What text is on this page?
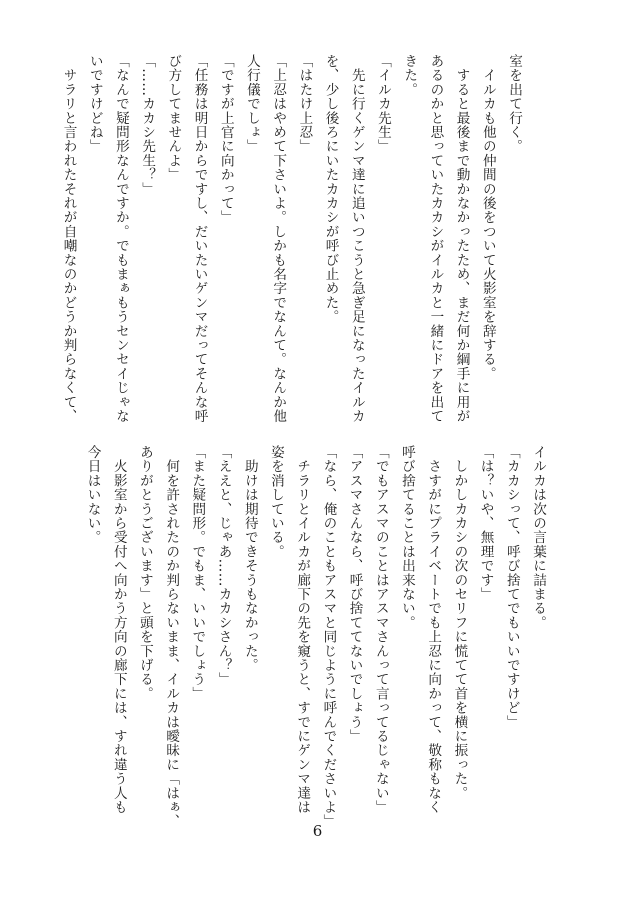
室を出て行く。

　イルカも他の仲間の後をついて火影室を辞する。

　すると最後まで動かなかったため、まだ何か綱手に用が

あるのかと思っていたカカシがイルカと一緒にドアを出て

きた。

「イルカ先生」

　先に行くゲンマ達に追いつこうと急ぎ足になったイルカ

を、少し後ろにいたカカシが呼び止めた。

「はたけ上忍」

「上忍はやめて下さいよ。しかも名字でなんて。なんか他

人行儀でしょ」

「ですが上官に向かって」

「任務は明日からですし、だいたいゲンマだってそんな呼

び方してませんよ」

「……カカシ先生？」

「なんで疑問形なんですか。でもまぁもうセンセイじゃな

いですけどね」

　サラリと言われたそれが自嘲なのかどうか判らなくて、

イルカは次の言葉に詰まる。

「カカシって、呼び捨てでもいいですけど」

「は？いや、無理です」

　しかしカカシの次のセリフに慌てて首を横に振った。

　さすがにプライベートでも上忍に向かって、敬称もなく

呼び捨てることは出来ない。

「でもアスマのことはアスマさんって言ってるじゃない」

「アスマさんなら、呼び捨ててないでしょう」

「なら、俺のこともアスマと同じように呼んでくださいよ」

　チラリとイルカが廊下の先を窺うと、すでにゲンマ達は

姿を消している。

　助けは期待できそうもなかった。

「ええと、じゃあ……カカシさん？」

「また疑問形。でもま、いいでしょう」

　何を許されたのか判らないまま、イルカは曖昧に「はぁ、

ありがとうございます」と頭を下げる。

　火影室から受付へ向かう方向の廊下には、すれ違う人も

今日はいない。

6
